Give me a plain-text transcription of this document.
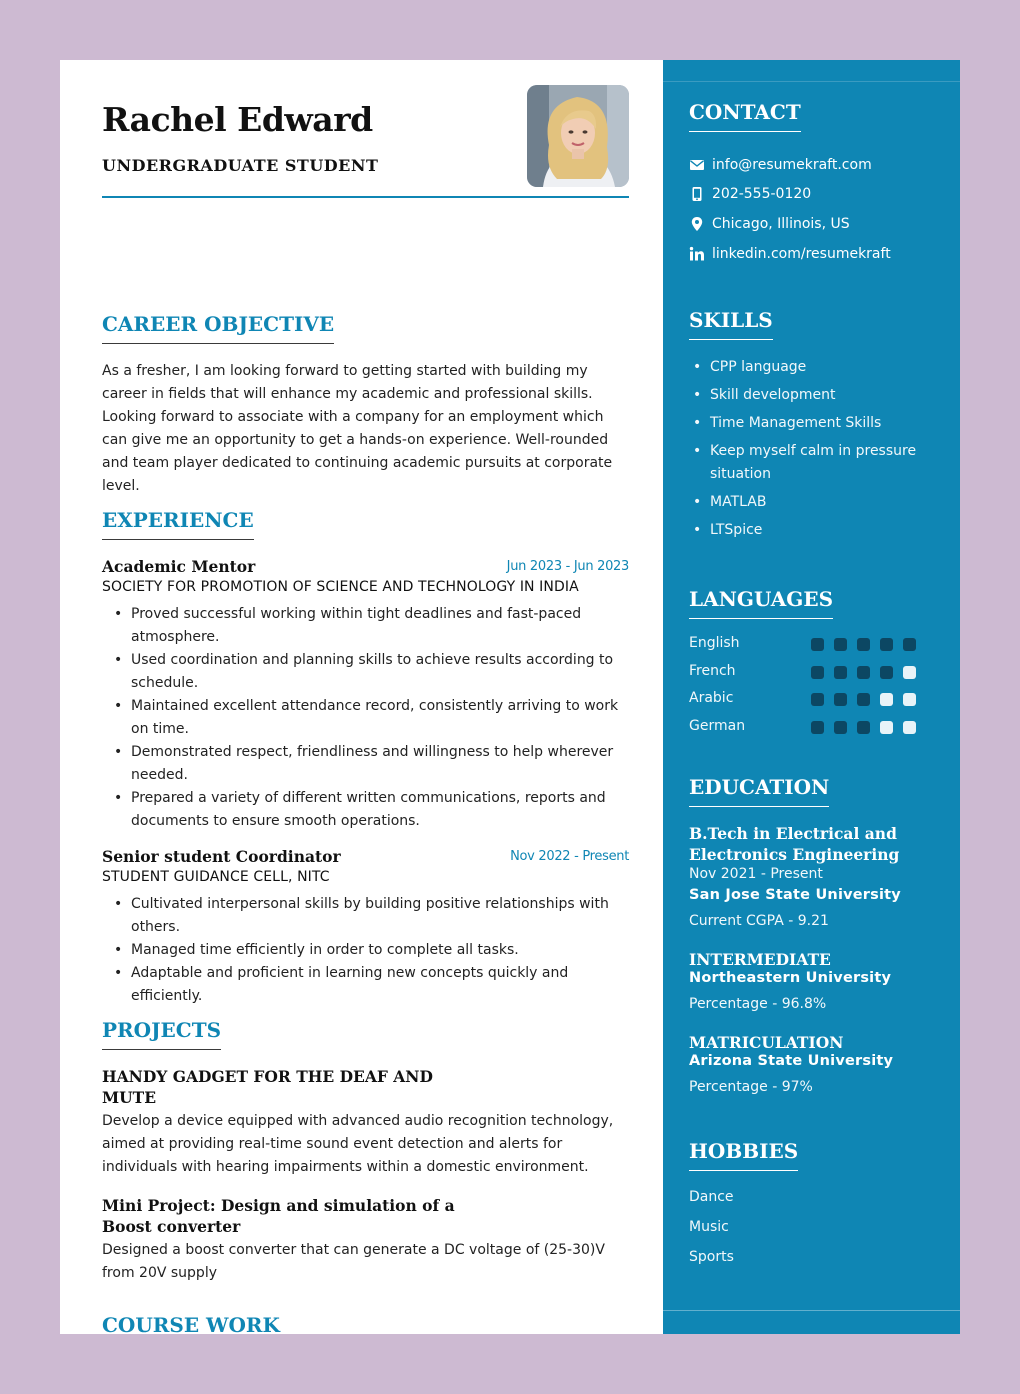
Rachel Edward
UNDERGRADUATE STUDENT
CAREER OBJECTIVE
As a fresher, I am looking forward to getting started with building my career in fields that will enhance my academic and professional skills. Looking forward to associate with a company for an employment which can give me an opportunity to get a hands-on experience. Well-rounded and team player dedicated to continuing academic pursuits at corporate level.
EXPERIENCE
Academic Mentor	Jun 2023 - Jun 2023
SOCIETY FOR PROMOTION OF SCIENCE AND TECHNOLOGY IN INDIA
• Proved successful working within tight deadlines and fast-paced atmosphere.
• Used coordination and planning skills to achieve results according to schedule.
• Maintained excellent attendance record, consistently arriving to work on time.
• Demonstrated respect, friendliness and willingness to help wherever needed.
• Prepared a variety of different written communications, reports and documents to ensure smooth operations.
Senior student Coordinator	Nov 2022 - Present
STUDENT GUIDANCE CELL, NITC
• Cultivated interpersonal skills by building positive relationships with others.
• Managed time efficiently in order to complete all tasks.
• Adaptable and proficient in learning new concepts quickly and efficiently.
PROJECTS
HANDY GADGET FOR THE DEAF AND MUTE
Develop a device equipped with advanced audio recognition technology, aimed at providing real-time sound event detection and alerts for individuals with hearing impairments within a domestic environment.
Mini Project: Design and simulation of a Boost converter
Designed a boost converter that can generate a DC voltage of (25-30)V from 20V supply
COURSE WORK
CONTACT
info@resumekraft.com
202-555-0120
Chicago, Illinois, US
linkedin.com/resumekraft
SKILLS
• CPP language
• Skill development
• Time Management Skills
• Keep myself calm in pressure situation
• MATLAB
• LTSpice
LANGUAGES
English
French
Arabic
German
EDUCATION
B.Tech in Electrical and Electronics Engineering
Nov 2021 - Present
San Jose State University
Current CGPA - 9.21
INTERMEDIATE
Northeastern University
Percentage - 96.8%
MATRICULATION
Arizona State University
Percentage - 97%
HOBBIES
Dance
Music
Sports
